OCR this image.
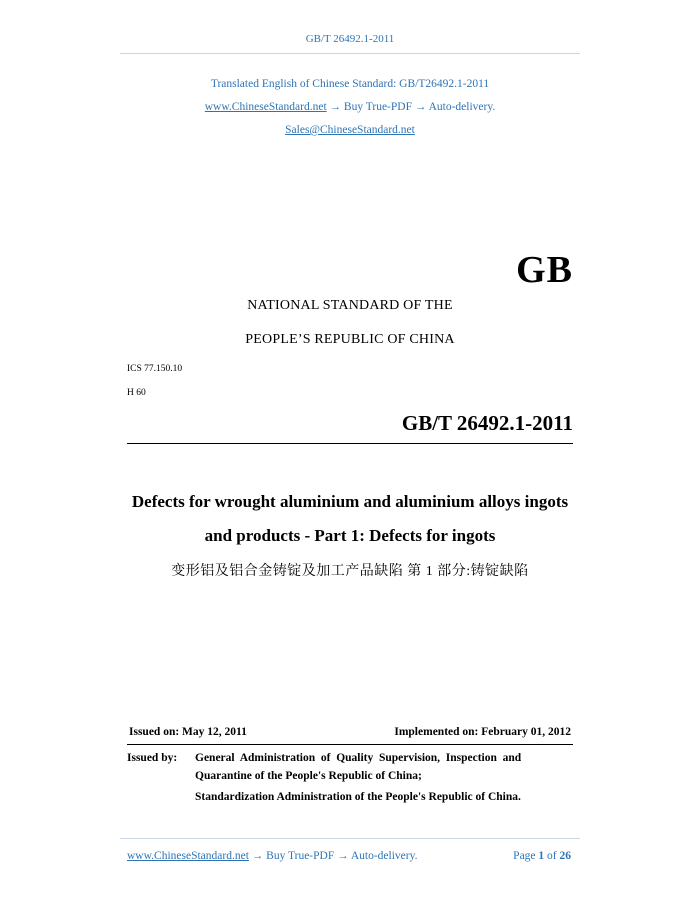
GB/T 26492.1-2011
Translated English of Chinese Standard: GB/T26492.1-2011
www.ChineseStandard.net → Buy True-PDF → Auto-delivery.
Sales@ChineseStandard.net
GB
NATIONAL STANDARD OF THE
PEOPLE’S REPUBLIC OF CHINA
ICS 77.150.10
H 60
GB/T 26492.1-2011
Defects for wrought aluminium and aluminium alloys ingots
and products - Part 1: Defects for ingots
变形铝及铝合金铸锭及加工产品缺陷 第 1 部分:铸锭缺陷
Issued on: May 12, 2011	Implemented on: February 01, 2012
Issued by: General  Administration  of  Quality  Supervision,  Inspection  and
Quarantine of the People's Republic of China;
Standardization Administration of the People's Republic of China.
www.ChineseStandard.net → Buy True-PDF → Auto-delivery.	Page 1 of 26
